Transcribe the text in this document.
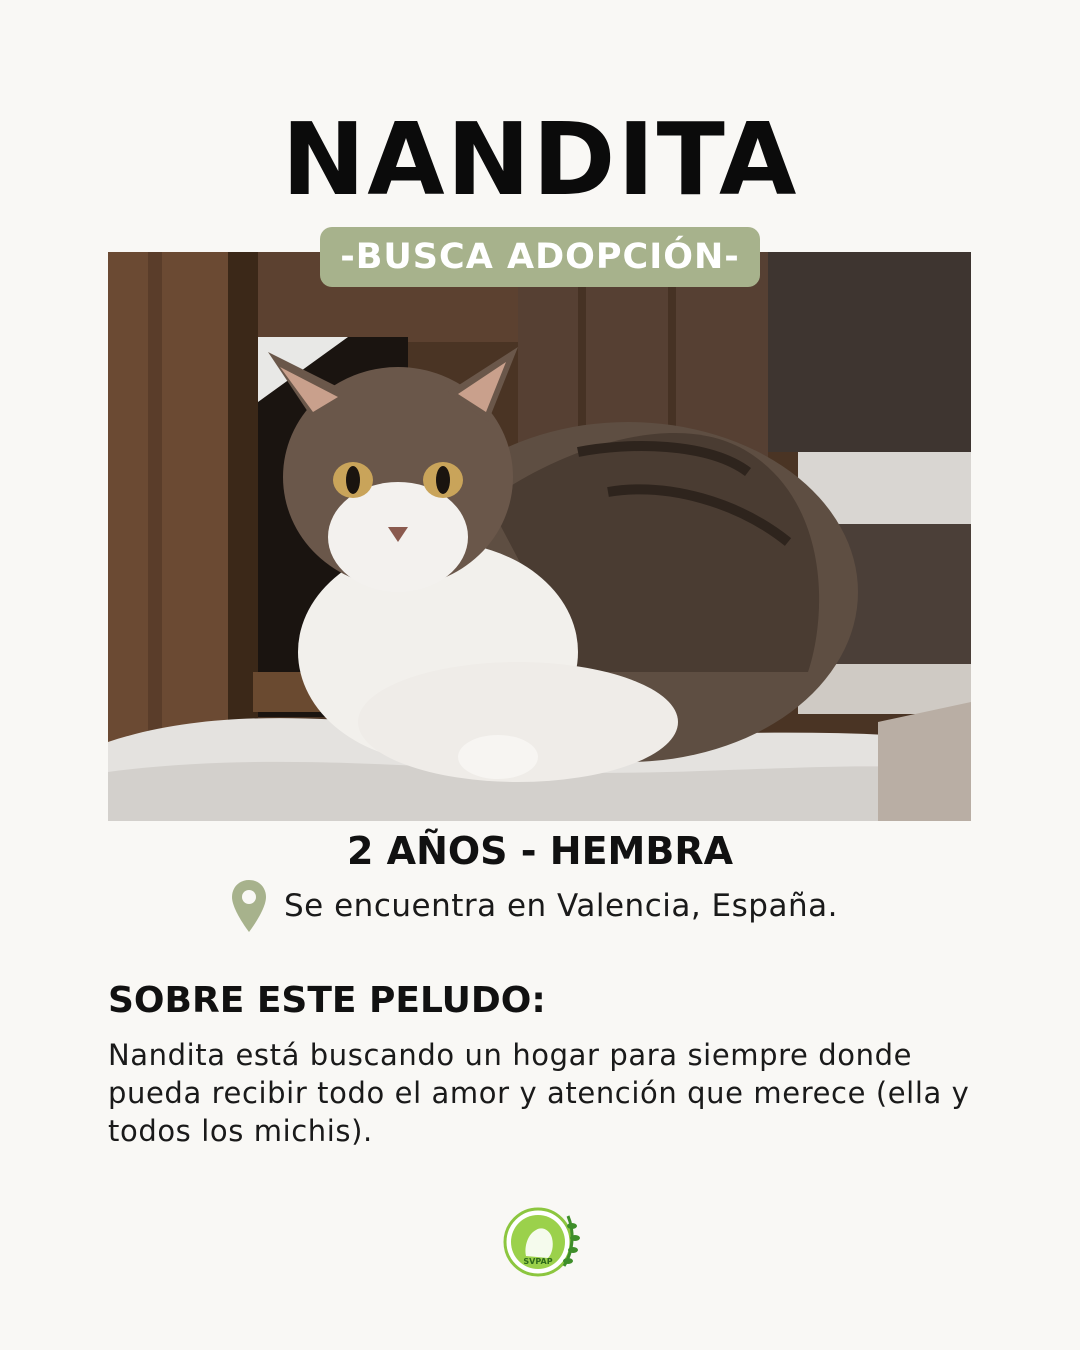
NANDITA
-BUSCA ADOPCIÓN-
2 AÑOS - HEMBRA
Se encuentra en Valencia, España.
SOBRE ESTE PELUDO:
Nandita está buscando un hogar para siempre donde pueda recibir todo el amor y atención que merece (ella y todos los michis).
SVPAP
